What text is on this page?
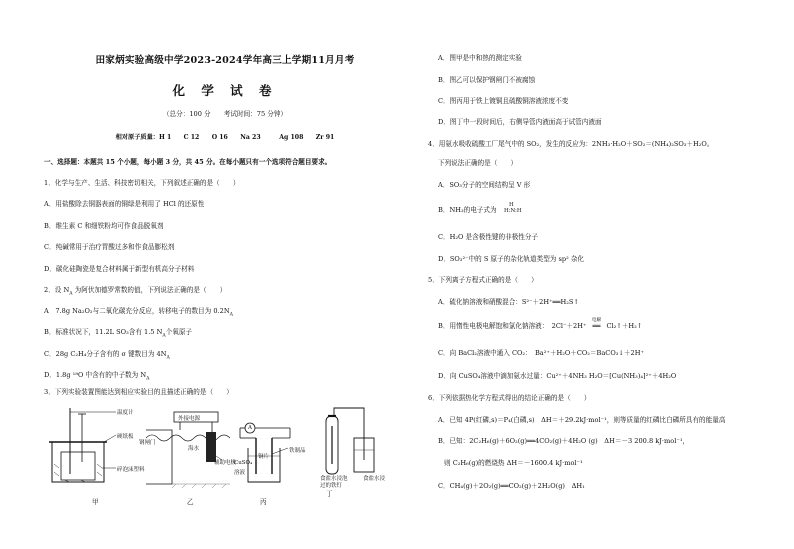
田家炳实验高级中学2023-2024学年高三上学期11月月考
化 学 试 卷
（总分：100 分　　考试时间：75 分钟）
相对原子质量：H 1　　C 12　　O 16　　Na 23　　　Ag 108　　Zr 91
一、选择题：本题共 15 个小题，每小题 3 分，共 45 分。在每小题只有一个选项符合题目要求。
1．化学与生产、生活、科技密切相关，下列叙述正确的是（　　）
A．用盐酸除去铜器表面的铜绿是利用了 HCl 的还原性
B．维生素 C 和细铁粉均可作食品脱氧剂
C．纯碱常用于治疗胃酸过多和作食品膨松剂
D．碳化硅陶瓷是复合材料属于新型有机高分子材料
2．设 $N_A$ 为阿伏加德罗常数的值，下列说法正确的是（　　）
A　7.8g Na₂O₂与二氧化碳充分反应，转移电子的数目为 $0.2N_A$
B．标准状况下，11.2L SO₃含有 1.5 $N_A$个氧原子
C．28g C₂H₄分子含有的 σ 键数目为 $4N_A$
D．1.8g ¹⁸O 中含有的中子数为 $N_A$
3．下列实验装置图能达到相应实验目的且描述正确的是（　　）
温度计
硬纸板
碎泡沫塑料
外接电源
钢闸门
海水
辅助电极
A
铁制品
铜片
CuSO₄
溶液
食盐水浸泡
过的铁钉
食盐水浸
甲	乙	丙
丁
A．图甲是中和热的测定实验
B．图乙可以保护钢闸门不被腐蚀
C．图丙用于铁上镀铜且硫酸铜溶液浓度不变
D．图丁中一段时间后，右侧导管内液面高于试管内液面
4．用氨水吸收硫酸工厂尾气中的 SO₂，发生的反应为：2NH₃·H₂O＋SO₂＝(NH₄)₂SO₃＋H₂O。
下列说法正确的是（　　）
A．SO₃分子的空间结构呈 V 形
B．NH₃的电子式为
H
H:N:H
C．H₂O 是含极性键的非极性分子
D．SO₃²⁻中的 S 原子的杂化轨道类型为 sp² 杂化
5．下列离子方程式正确的是（　　）
A．硫化钠溶液和硝酸混合：S²⁻＋2H⁺══H₂S↑
B．用惰性电极电解饱和氯化钠溶液：　2Cl⁻＋2H⁺
电解
══ Cl₂↑＋H₂↑
C．向 BaCl₂溶液中通入 CO₂：　Ba²⁺＋H₂O＋CO₂＝BaCO₃↓＋2H⁺
D．向 CuSO₄溶液中滴加氨水过量：Cu²⁺＋4NH₃ H₂O＝[Cu(NH₃)₄]²⁺＋4H₂O
6．下列依据热化学方程式得出的结论正确的是（　　）
A．已知 4P(红磷,s)＝P₄(白磷,s)　ΔH＝＋29.2kJ·mol⁻¹，则等质量的红磷比白磷所具有的能量高
B．已知：2C₂H₆(g)＋6O₂(g)══4CO₂(g)＋4H₂O (g)　ΔH＝－3 200.8 kJ·mol⁻¹，
则 C₂H₆(g)的燃烧热 ΔH＝－1600.4 kJ·mol⁻¹
C．CH₄(g)＋2O₂(g)══CO₂(g)＋2H₂O(g)　ΔH₁
